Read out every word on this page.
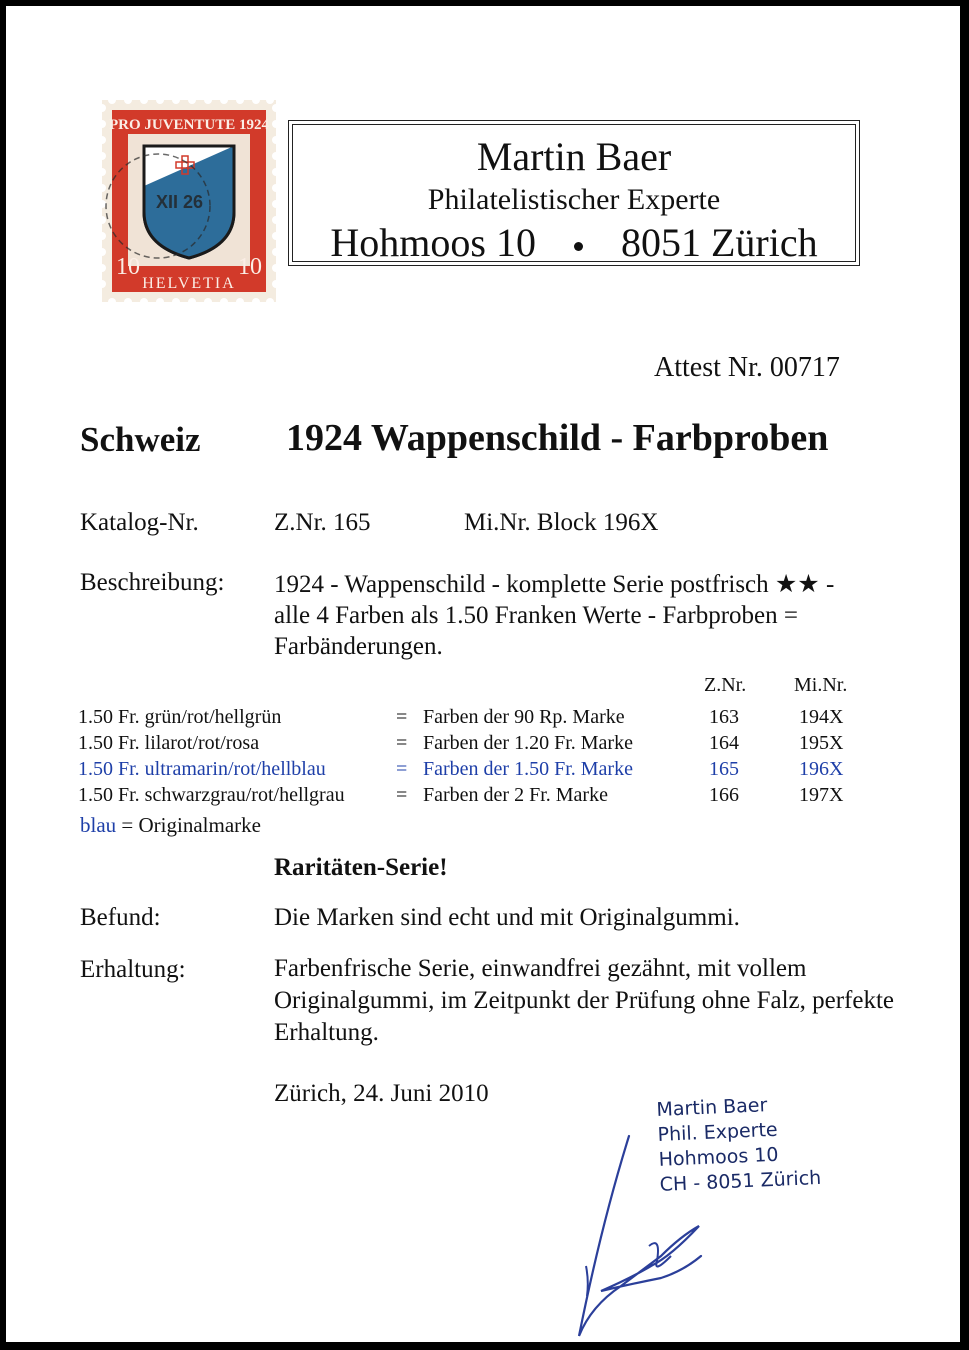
PRO JUVENTUTE 1924
10	10
HELVETIA
XII 26
Martin Baer
Philatelistischer Experte
Hohmoos 10 8051 Zürich
Attest Nr. 00717
Schweiz 1924 Wappenschild - Farbproben
Katalog-Nr.	Z.Nr. 165	Mi.Nr. Block 196X
Beschreibung: 1924 - Wappenschild - komplette Serie postfrisch ★★ - alle 4 Farben als 1.50 Franken Werte - Farbproben = Farbänderungen.
Z.Nr. Mi.Nr.
1.50 Fr. grün/rot/hellgrün	= Farben der 90 Rp. Marke	163	194X
1.50 Fr. lilarot/rot/rosa	= Farben der 1.20 Fr. Marke	164	195X
1.50 Fr. ultramarin/rot/hellblau	= Farben der 1.50 Fr. Marke	165	196X
1.50 Fr. schwarzgrau/rot/hellgrau	= Farben der 2 Fr. Marke	166	197X
blau = Originalmarke
Raritäten-Serie!
Befund:	Die Marken sind echt und mit Originalgummi.
Erhaltung:	Farbenfrische Serie, einwandfrei gezähnt, mit vollem Originalgummi, im Zeitpunkt der Prüfung ohne Falz, perfekte Erhaltung.
Zürich, 24. Juni 2010
Martin Baer
Phil. Experte
Hohmoos 10
CH - 8051 Zürich
